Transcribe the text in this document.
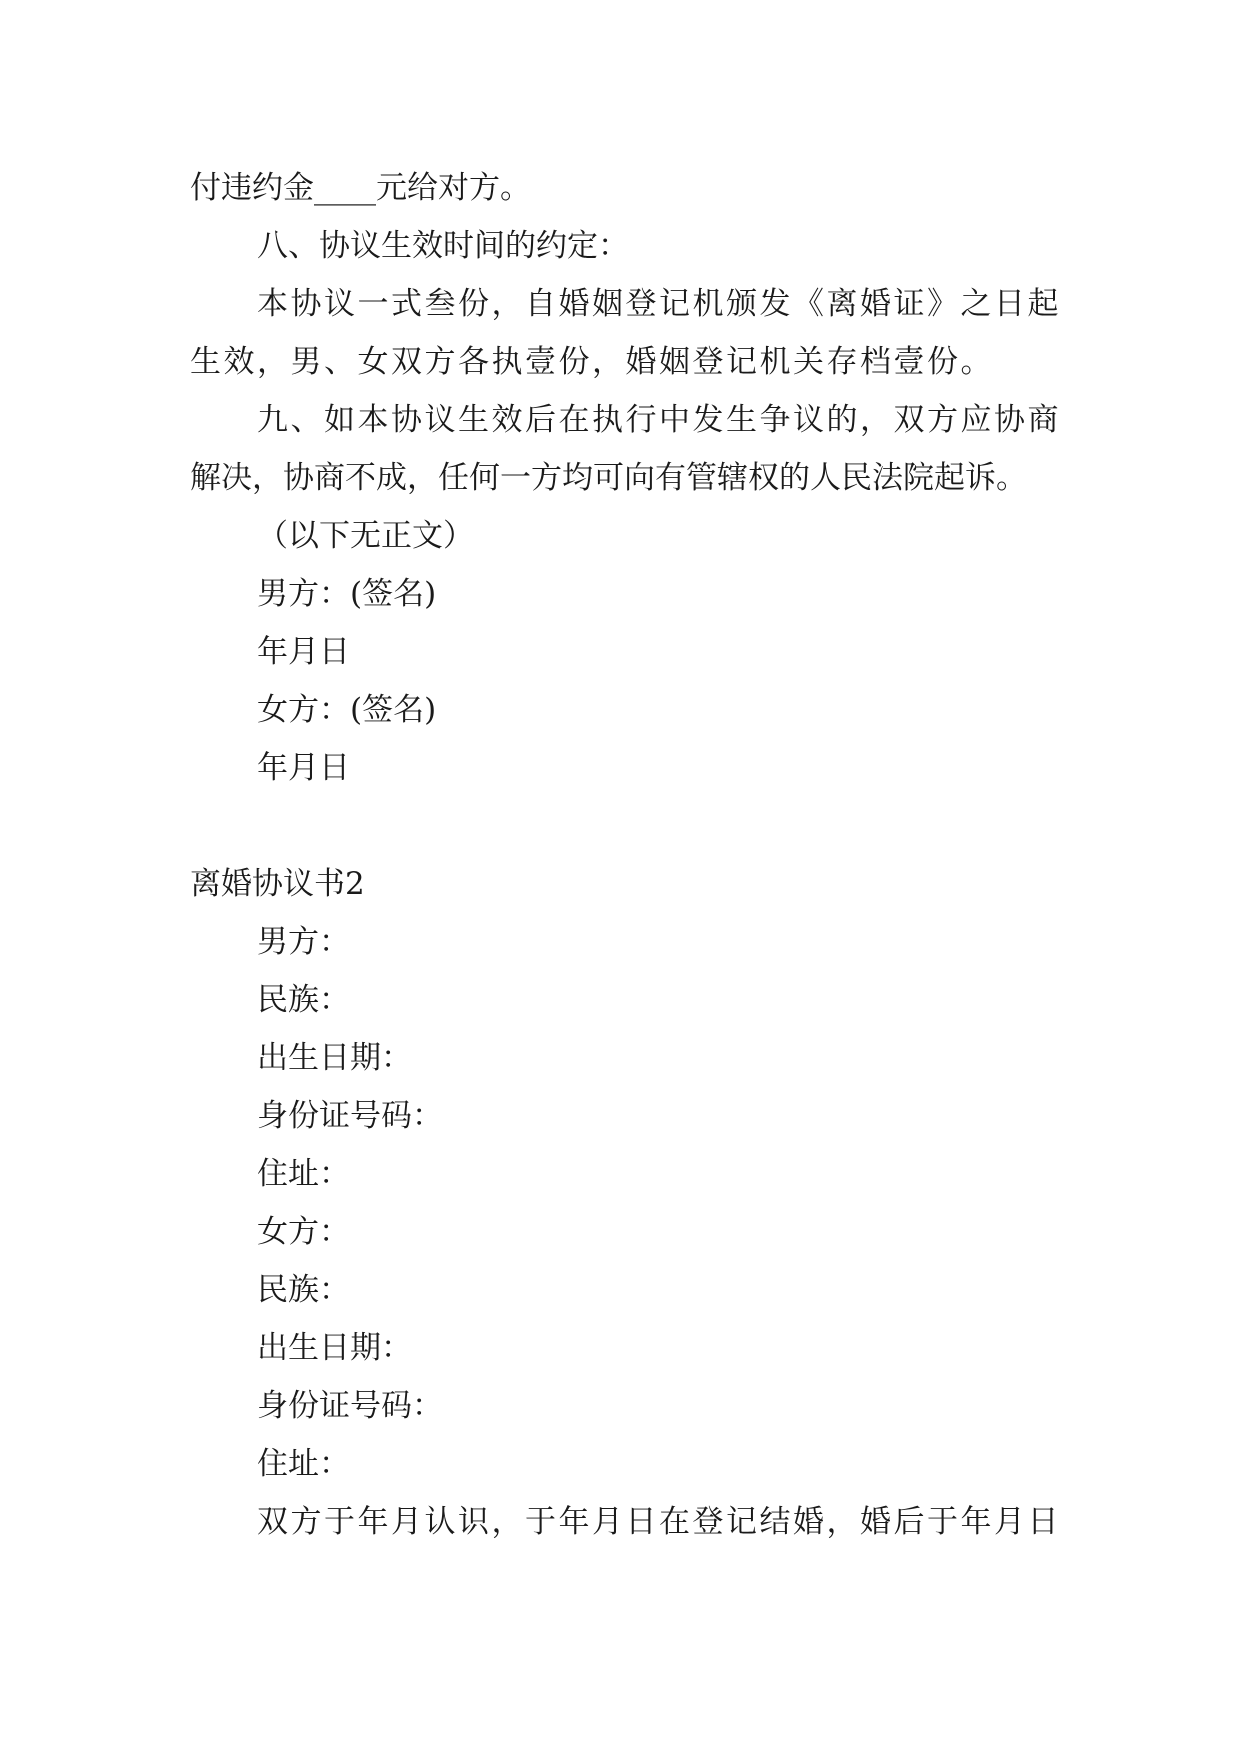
付违约金____元给对方。
八、协议生效时间的约定：
本协议一式叁份，自婚姻登记机颁发《离婚证》之日起
生效，男、女双方各执壹份，婚姻登记机关存档壹份。
九、如本协议生效后在执行中发生争议的，双方应协商
解决，协商不成，任何一方均可向有管辖权的人民法院起诉。
（以下无正文）
男方：(签名)
年月日
女方：(签名)
年月日
离婚协议书2
男方：
民族：
出生日期：
身份证号码：
住址：
女方：
民族：
出生日期：
身份证号码：
住址：
双方于年月认识，于年月日在登记结婚，婚后于年月日
